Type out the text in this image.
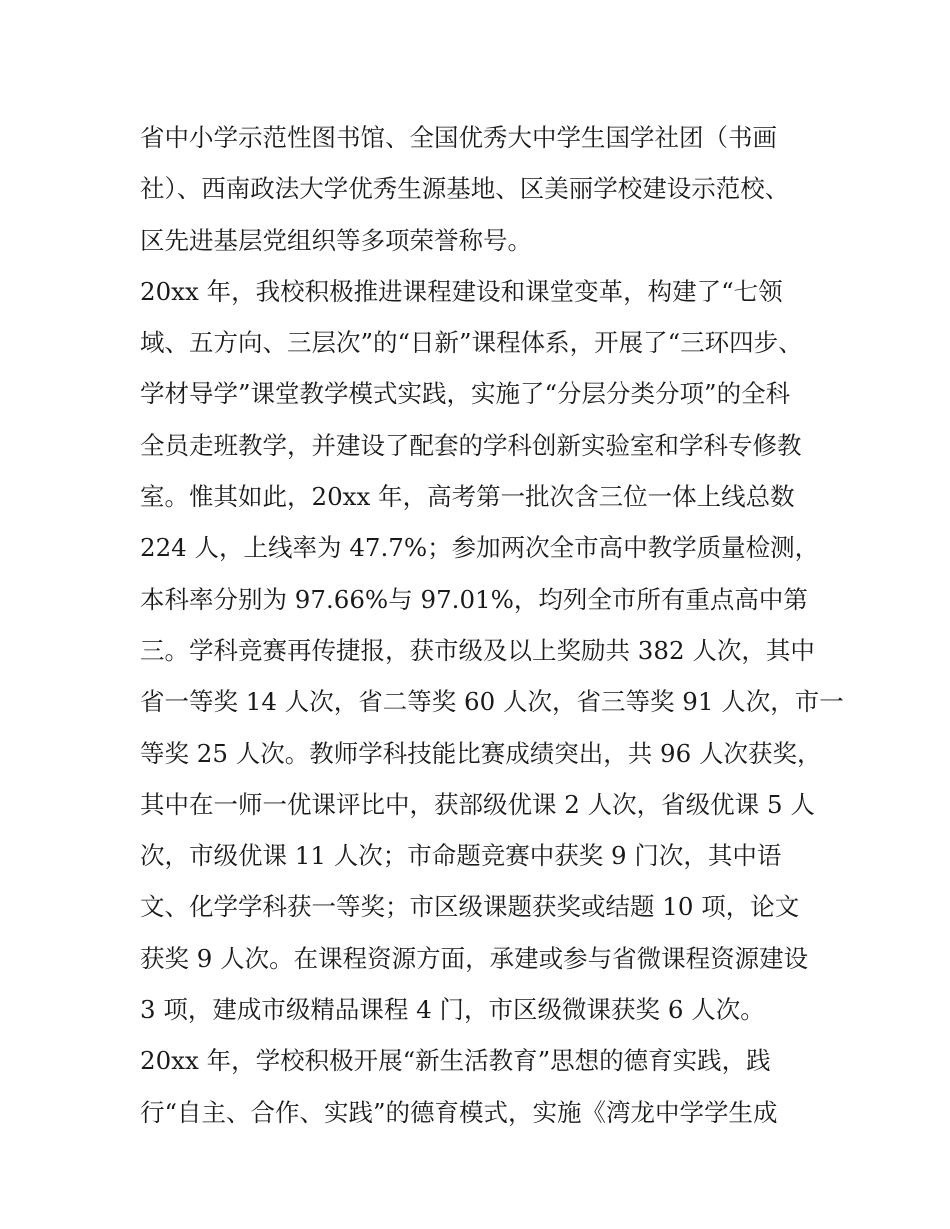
省中小学示范性图书馆、全国优秀大中学生国学社团（书画
社）、西南政法大学优秀生源基地、区美丽学校建设示范校、
区先进基层党组织等多项荣誉称号。
20xx 年，我校积极推进课程建设和课堂变革，构建了“七领
域、五方向、三层次”的“日新”课程体系，开展了“三环四步、
学材导学”课堂教学模式实践，实施了“分层分类分项”的全科
全员走班教学，并建设了配套的学科创新实验室和学科专修教
室。惟其如此，20xx 年，高考第一批次含三位一体上线总数
224 人，上线率为 47.7%；参加两次全市高中教学质量检测，
本科率分别为 97.66%与 97.01%，均列全市所有重点高中第
三。学科竞赛再传捷报，获市级及以上奖励共 382 人次，其中
省一等奖 14 人次，省二等奖 60 人次，省三等奖 91 人次，市一
等奖 25 人次。教师学科技能比赛成绩突出，共 96 人次获奖，
其中在一师一优课评比中，获部级优课 2 人次，省级优课 5 人
次，市级优课 11 人次；市命题竞赛中获奖 9 门次，其中语
文、化学学科获一等奖；市区级课题获奖或结题 10 项，论文
获奖 9 人次。在课程资源方面，承建或参与省微课程资源建设
3 项，建成市级精品课程 4 门，市区级微课获奖 6 人次。
20xx 年，学校积极开展“新生活教育”思想的德育实践，践
行“自主、合作、实践”的德育模式，实施《湾龙中学学生成
